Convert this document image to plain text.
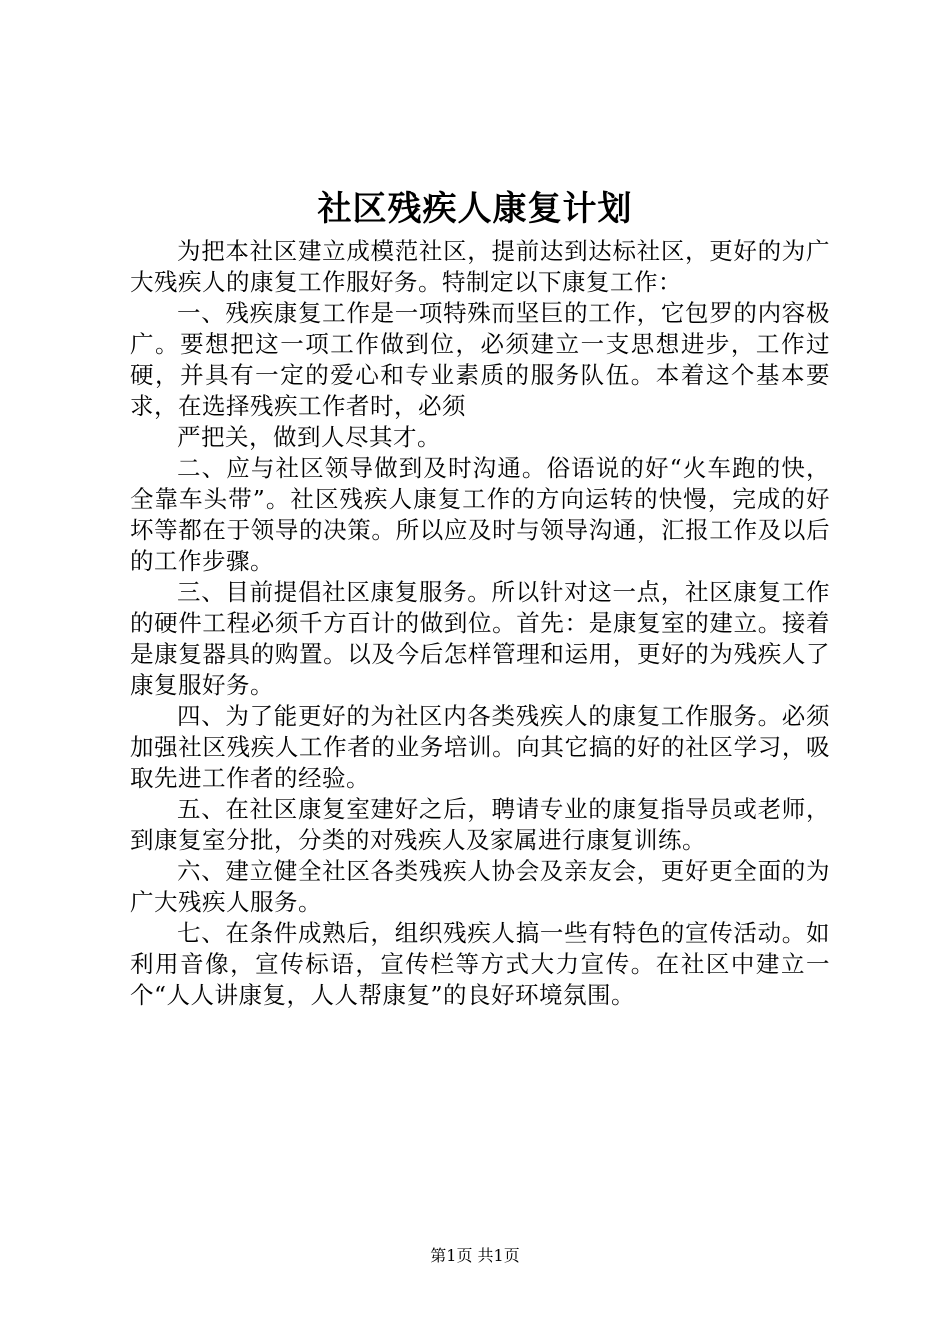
社区残疾人康复计划

为把本社区建立成模范社区，提前达到达标社区，更好的为广大残疾人的康复工作服好务。特制定以下康复工作：

一、残疾康复工作是一项特殊而坚巨的工作，它包罗的内容极广。要想把这一项工作做到位，必须建立一支思想进步，工作过硬，并具有一定的爱心和专业素质的服务队伍。本着这个基本要求，在选择残疾工作者时，必须

严把关，做到人尽其才。

二、应与社区领导做到及时沟通。俗语说的好“火车跑的快，全靠车头带”。社区残疾人康复工作的方向运转的快慢，完成的好坏等都在于领导的决策。所以应及时与领导沟通，汇报工作及以后的工作步骤。

三、目前提倡社区康复服务。所以针对这一点，社区康复工作的硬件工程必须千方百计的做到位。首先：是康复室的建立。接着是康复器具的购置。以及今后怎样管理和运用，更好的为残疾人了康复服好务。

四、为了能更好的为社区内各类残疾人的康复工作服务。必须加强社区残疾人工作者的业务培训。向其它搞的好的社区学习，吸取先进工作者的经验。

五、在社区康复室建好之后，聘请专业的康复指导员或老师，到康复室分批，分类的对残疾人及家属进行康复训练。

六、建立健全社区各类残疾人协会及亲友会，更好更全面的为广大残疾人服务。

七、在条件成熟后，组织残疾人搞一些有特色的宣传活动。如利用音像，宣传标语，宣传栏等方式大力宣传。在社区中建立一个“人人讲康复，人人帮康复”的良好环境氛围。

第1页 共1页
